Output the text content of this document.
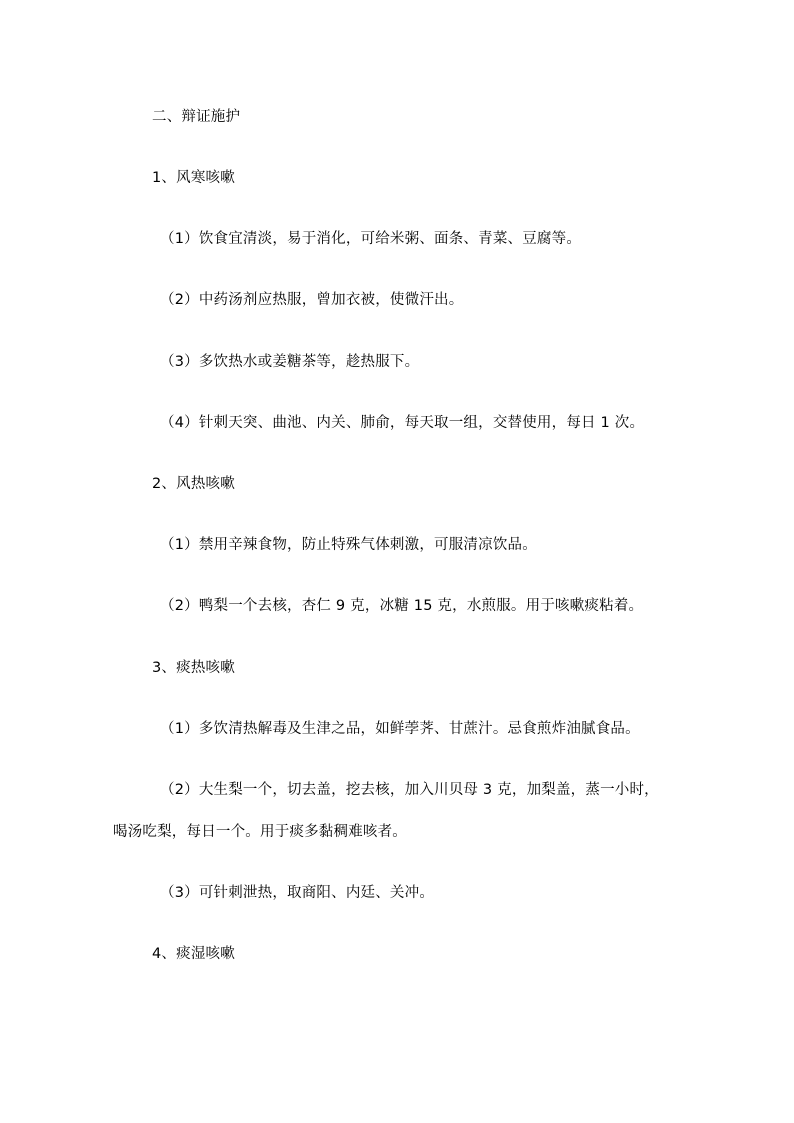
二、辩证施护
1、风寒咳嗽
（1）饮食宜清淡，易于消化，可给米粥、面条、青菜、豆腐等。
（2）中药汤剂应热服，曾加衣被，使微汗出。
（3）多饮热水或姜糖茶等，趁热服下。
（4）针刺天突、曲池、内关、肺俞，每天取一组，交替使用，每日 1 次。
2、风热咳嗽
（1）禁用辛辣食物，防止特殊气体刺激，可服清凉饮品。
（2）鸭梨一个去核，杏仁 9 克，冰糖 15 克，水煎服。用于咳嗽痰粘着。
3、痰热咳嗽
（1）多饮清热解毒及生津之品，如鲜荸荠、甘蔗汁。忌食煎炸油腻食品。
（2）大生梨一个，切去盖，挖去核，加入川贝母 3 克，加梨盖，蒸一小时，
喝汤吃梨，每日一个。用于痰多黏稠难咳者。
（3）可针刺泄热，取商阳、内廷、关冲。
4、痰湿咳嗽
